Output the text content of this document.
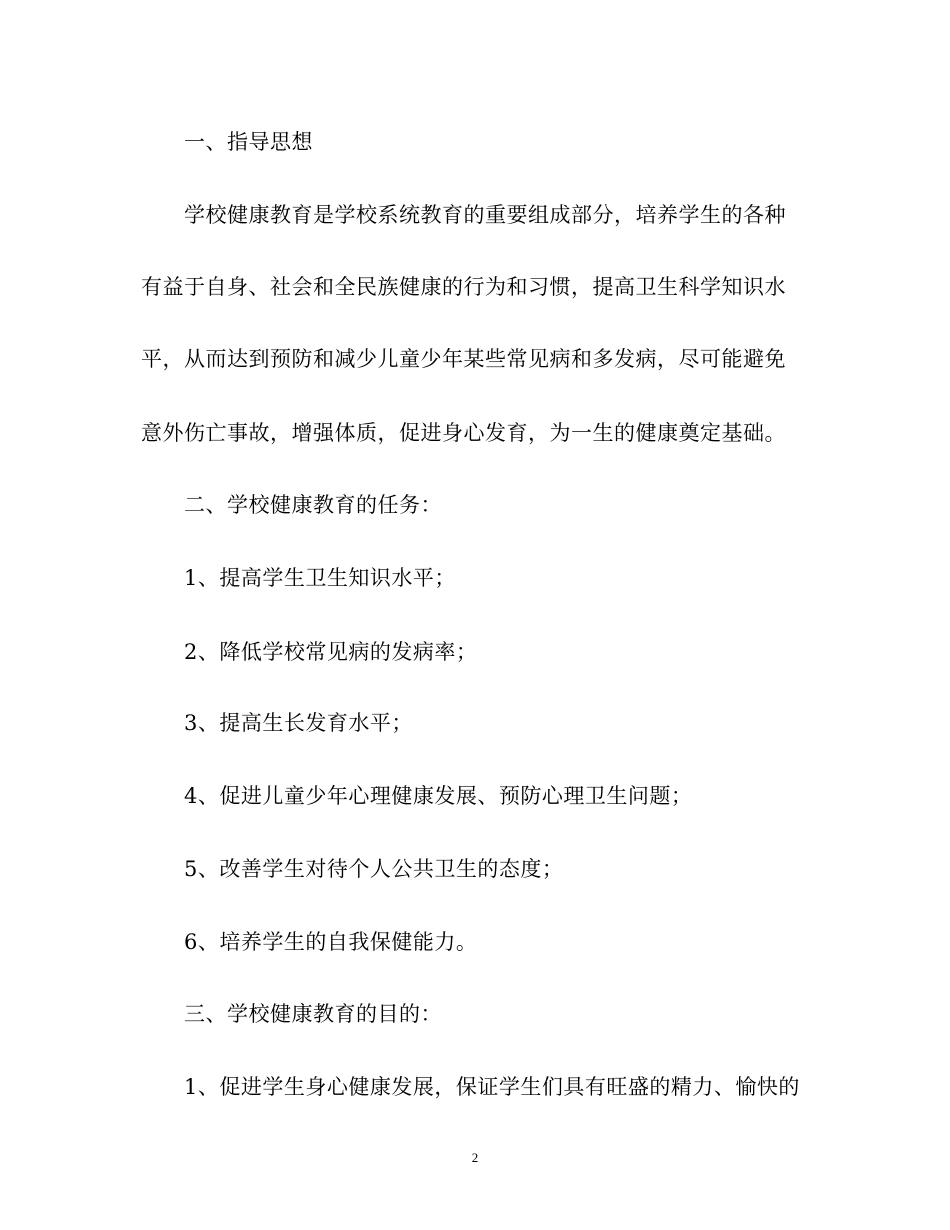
一、指导思想

学校健康教育是学校系统教育的重要组成部分，培养学生的各种

有益于自身、社会和全民族健康的行为和习惯，提高卫生科学知识水

平，从而达到预防和减少儿童少年某些常见病和多发病，尽可能避免

意外伤亡事故，增强体质，促进身心发育，为一生的健康奠定基础。

二、学校健康教育的任务：

1、提高学生卫生知识水平；

2、降低学校常见病的发病率；

3、提高生长发育水平；

4、促进儿童少年心理健康发展、预防心理卫生问题；

5、改善学生对待个人公共卫生的态度；

6、培养学生的自我保健能力。

三、学校健康教育的目的：

1、促进学生身心健康发展，保证学生们具有旺盛的精力、愉快的

2
